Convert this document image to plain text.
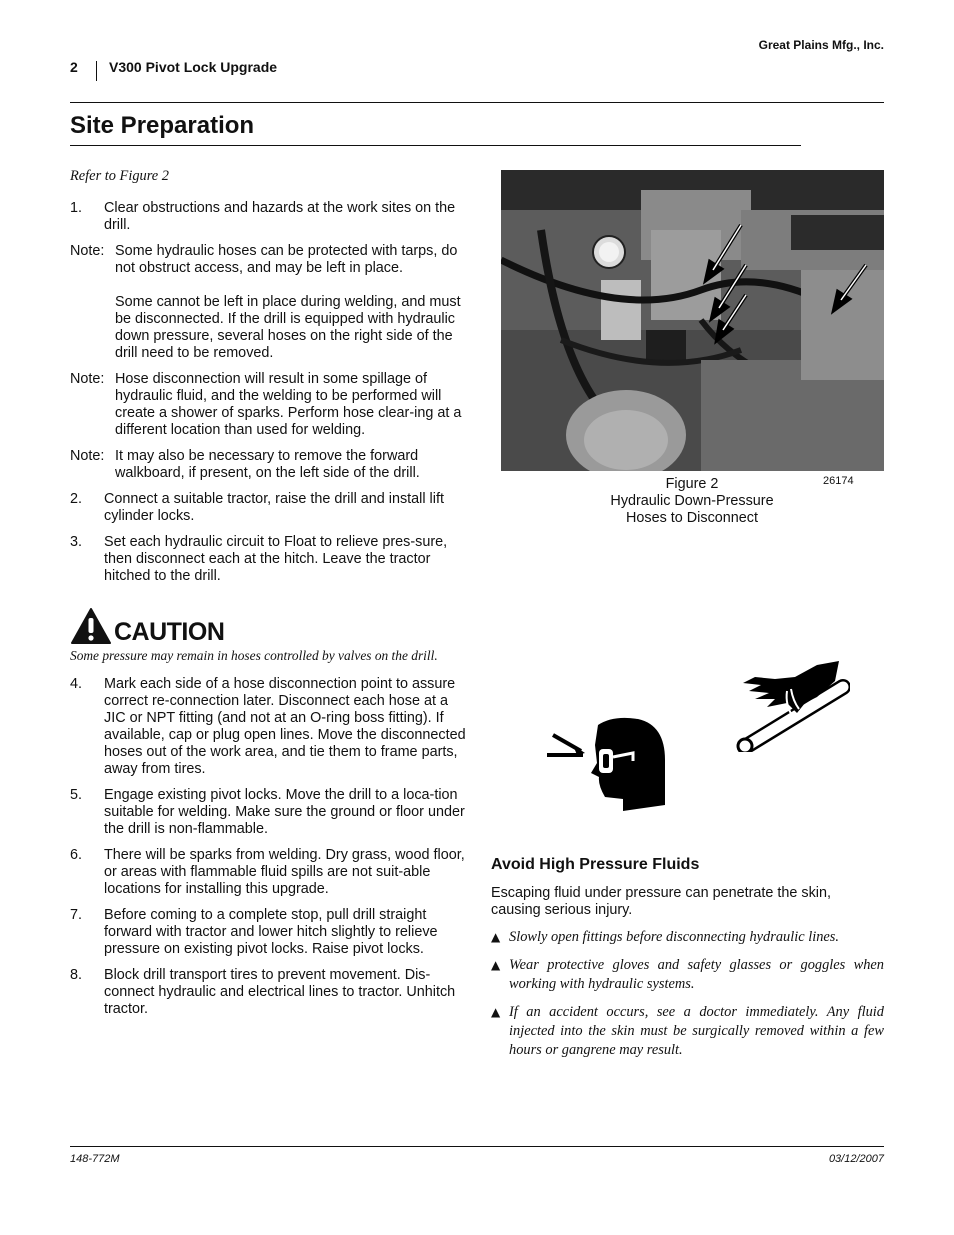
Great Plains Mfg., Inc.
2 V300 Pivot Lock Upgrade
Site Preparation
Refer to Figure 2
1.	Clear obstructions and hazards at the work sites on the drill.
Note: Some hydraulic hoses can be protected with tarps, do not obstruct access, and may be left in place.

Some cannot be left in place during welding, and must be disconnected. If the drill is equipped with hydraulic down pressure, several hoses on the right side of the drill need to be removed.

Note: Hose disconnection will result in some spillage of hydraulic fluid, and the welding to be performed will create a shower of sparks. Perform hose clear-ing at a different location than used for welding.

Note: It may also be necessary to remove the forward walkboard, if present, on the left side of the drill.

2.	Connect a suitable tractor, raise the drill and install lift cylinder locks.
3.	Set each hydraulic circuit to Float to relieve pres-sure, then disconnect each at the hitch. Leave the tractor hitched to the drill.
CAUTION
Some pressure may remain in hoses controlled by valves on the drill.
4.	Mark each side of a hose disconnection point to assure correct re-connection later. Disconnect each hose at a JIC or NPT fitting (and not at an O-ring boss fitting). If available, cap or plug open lines. Move the disconnected hoses out of the work area, and tie them to frame parts, away from tires.
5.	Engage existing pivot locks. Move the drill to a loca-tion suitable for welding. Make sure the ground or floor under the drill is non-flammable.
6.	There will be sparks from welding. Dry grass, wood floor, or areas with flammable fluid spills are not suit-able locations for installing this upgrade.
7.	Before coming to a complete stop, pull drill straight forward with tractor and lower hitch slightly to relieve pressure on existing pivot locks. Raise pivot locks.
8.	Block drill transport tires to prevent movement. Dis-connect hydraulic and electrical lines to tractor. Unhitch tractor.
Figure 2
Hydraulic Down-Pressure
Hoses to Disconnect
26174
Avoid High Pressure Fluids
Escaping fluid under pressure can penetrate the skin, causing serious injury.
▲ Slowly open fittings before disconnecting hydraulic lines.
▲ Wear protective gloves and safety glasses or goggles when working with hydraulic systems.
▲ If an accident occurs, see a doctor immediately. Any fluid injected into the skin must be surgically removed within a few hours or gangrene may result.
148-772M	03/12/2007
